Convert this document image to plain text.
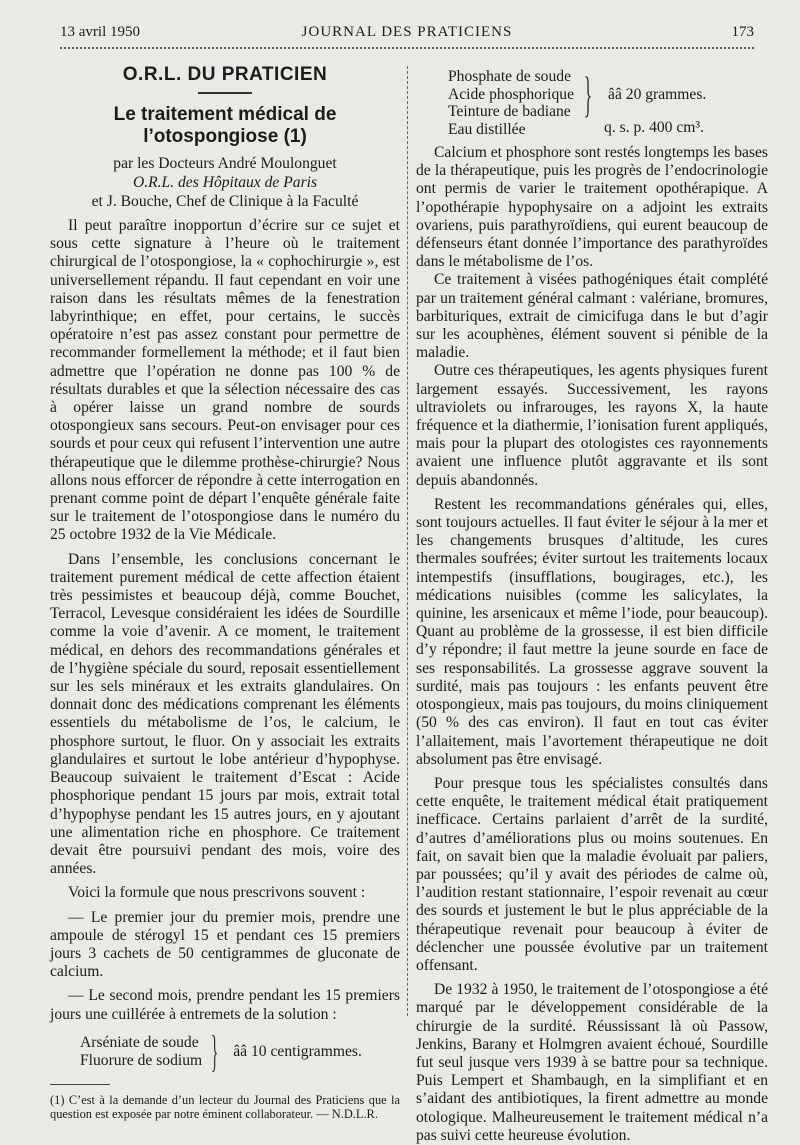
13 avril 1950	JOURNAL DES PRATICIENS	173
O.R.L. DU PRATICIEN
Le traitement médical de l’otospongiose (1)

par les Docteurs André Moulonguet

O.R.L. des Hôpitaux de Paris

et J. Bouche, Chef de Clinique à la Faculté

Il peut paraître inopportun d’écrire sur ce sujet et sous cette signature à l’heure où le traitement chirurgical de l’otospongiose, la « cophochirurgie », est universellement répandu. Il faut cependant en voir une raison dans les résultats mêmes de la fenestration labyrinthique; en effet, pour certains, le succès opératoire n’est pas assez constant pour permettre de recommander formellement la méthode; et il faut bien admettre que l’opération ne donne pas 100 % de résultats durables et que la sélection nécessaire des cas à opérer laisse un grand nombre de sourds otospongieux sans secours. Peut-on envisager pour ces sourds et pour ceux qui refusent l’intervention une autre thérapeutique que le dilemme prothèse-chirurgie? Nous allons nous efforcer de répondre à cette interrogation en prenant comme point de départ l’enquête générale faite sur le traitement de l’otospongiose dans le numéro du 25 octobre 1932 de la Vie Médicale.

Dans l’ensemble, les conclusions concernant le traitement purement médical de cette affection étaient très pessimistes et beaucoup déjà, comme Bouchet, Terracol, Levesque considéraient les idées de Sourdille comme la voie d’avenir. A ce moment, le traitement médical, en dehors des recommandations générales et de l’hygiène spéciale du sourd, reposait essentiellement sur les sels minéraux et les extraits glandulaires. On donnait donc des médications comprenant les éléments essentiels du métabolisme de l’os, le calcium, le phosphore surtout, le fluor. On y associait les extraits glandulaires et surtout le lobe antérieur d’hypophyse. Beaucoup suivaient le traitement d’Escat : Acide phosphorique pendant 15 jours par mois, extrait total d’hypophyse pendant les 15 autres jours, en y ajoutant une alimentation riche en phosphore. Ce traitement devait être poursuivi pendant des mois, voire des années.

Voici la formule que nous prescrivons souvent :

— Le premier jour du premier mois, prendre une ampoule de stérogyl 15 et pendant ces 15 premiers jours 3 cachets de 50 centigrammes de gluconate de calcium.

— Le second mois, prendre pendant les 15 premiers jours une cuillérée à entremets de la solution :

Arséniate de soude
Fluorure de sodium } ââ 10 centigrammes.

(1) C’est à la demande d’un lecteur du Journal des Praticiens que la question est exposée par notre éminent collaborateur. — N.D.L.R.

Phosphate de soude
Acide phosphorique
Teinture de badiane
Eau distillée
} ââ 20 grammes.
q. s. p. 400 cm³.

Calcium et phosphore sont restés longtemps les bases de la thérapeutique, puis les progrès de l’endocrinologie ont permis de varier le traitement opothérapique. A l’opothérapie hypophysaire on a adjoint les extraits ovariens, puis parathyroïdiens, qui eurent beaucoup de défenseurs étant donnée l’importance des parathyroïdes dans le métabolisme de l’os.

Ce traitement à visées pathogéniques était complété par un traitement général calmant : valériane, bromures, barbituriques, extrait de cimicifuga dans le but d’agir sur les acouphènes, élément souvent si pénible de la maladie.

Outre ces thérapeutiques, les agents physiques furent largement essayés. Successivement, les rayons ultraviolets ou infrarouges, les rayons X, la haute fréquence et la diathermie, l’ionisation furent appliqués, mais pour la plupart des otologistes ces rayonnements avaient une influence plutôt aggravante et ils sont depuis abandonnés.

Restent les recommandations générales qui, elles, sont toujours actuelles. Il faut éviter le séjour à la mer et les changements brusques d’altitude, les cures thermales soufrées; éviter surtout les traitements locaux intempestifs (insufflations, bougirages, etc.), les médications nuisibles (comme les salicylates, la quinine, les arsenicaux et même l’iode, pour beaucoup). Quant au problème de la grossesse, il est bien difficile d’y répondre; il faut mettre la jeune sourde en face de ses responsabilités. La grossesse aggrave souvent la surdité, mais pas toujours : les enfants peuvent être otospongieux, mais pas toujours, du moins cliniquement (50 % des cas environ). Il faut en tout cas éviter l’allaitement, mais l’avortement thérapeutique ne doit absolument pas être envisagé.

Pour presque tous les spécialistes consultés dans cette enquête, le traitement médical était pratiquement inefficace. Certains parlaient d’arrêt de la surdité, d’autres d’améliorations plus ou moins soutenues. En fait, on savait bien que la maladie évoluait par paliers, par poussées; qu’il y avait des périodes de calme où, l’audition restant stationnaire, l’espoir revenait au cœur des sourds et justement le but le plus appréciable de la thérapeutique revenait pour beaucoup à éviter de déclencher une poussée évolutive par un traitement offensant.

De 1932 à 1950, le traitement de l’otospongiose a été marqué par le développement considérable de la chirurgie de la surdité. Réussissant là où Passow, Jenkins, Barany et Holmgren avaient échoué, Sourdille fut seul jusque vers 1939 à se battre pour sa technique. Puis Lempert et Shambaugh, en la simplifiant et en s’aidant des antibiotiques, la firent admettre au monde otologique. Malheureusement le traitement médical n’a pas suivi cette heureuse évolution.
